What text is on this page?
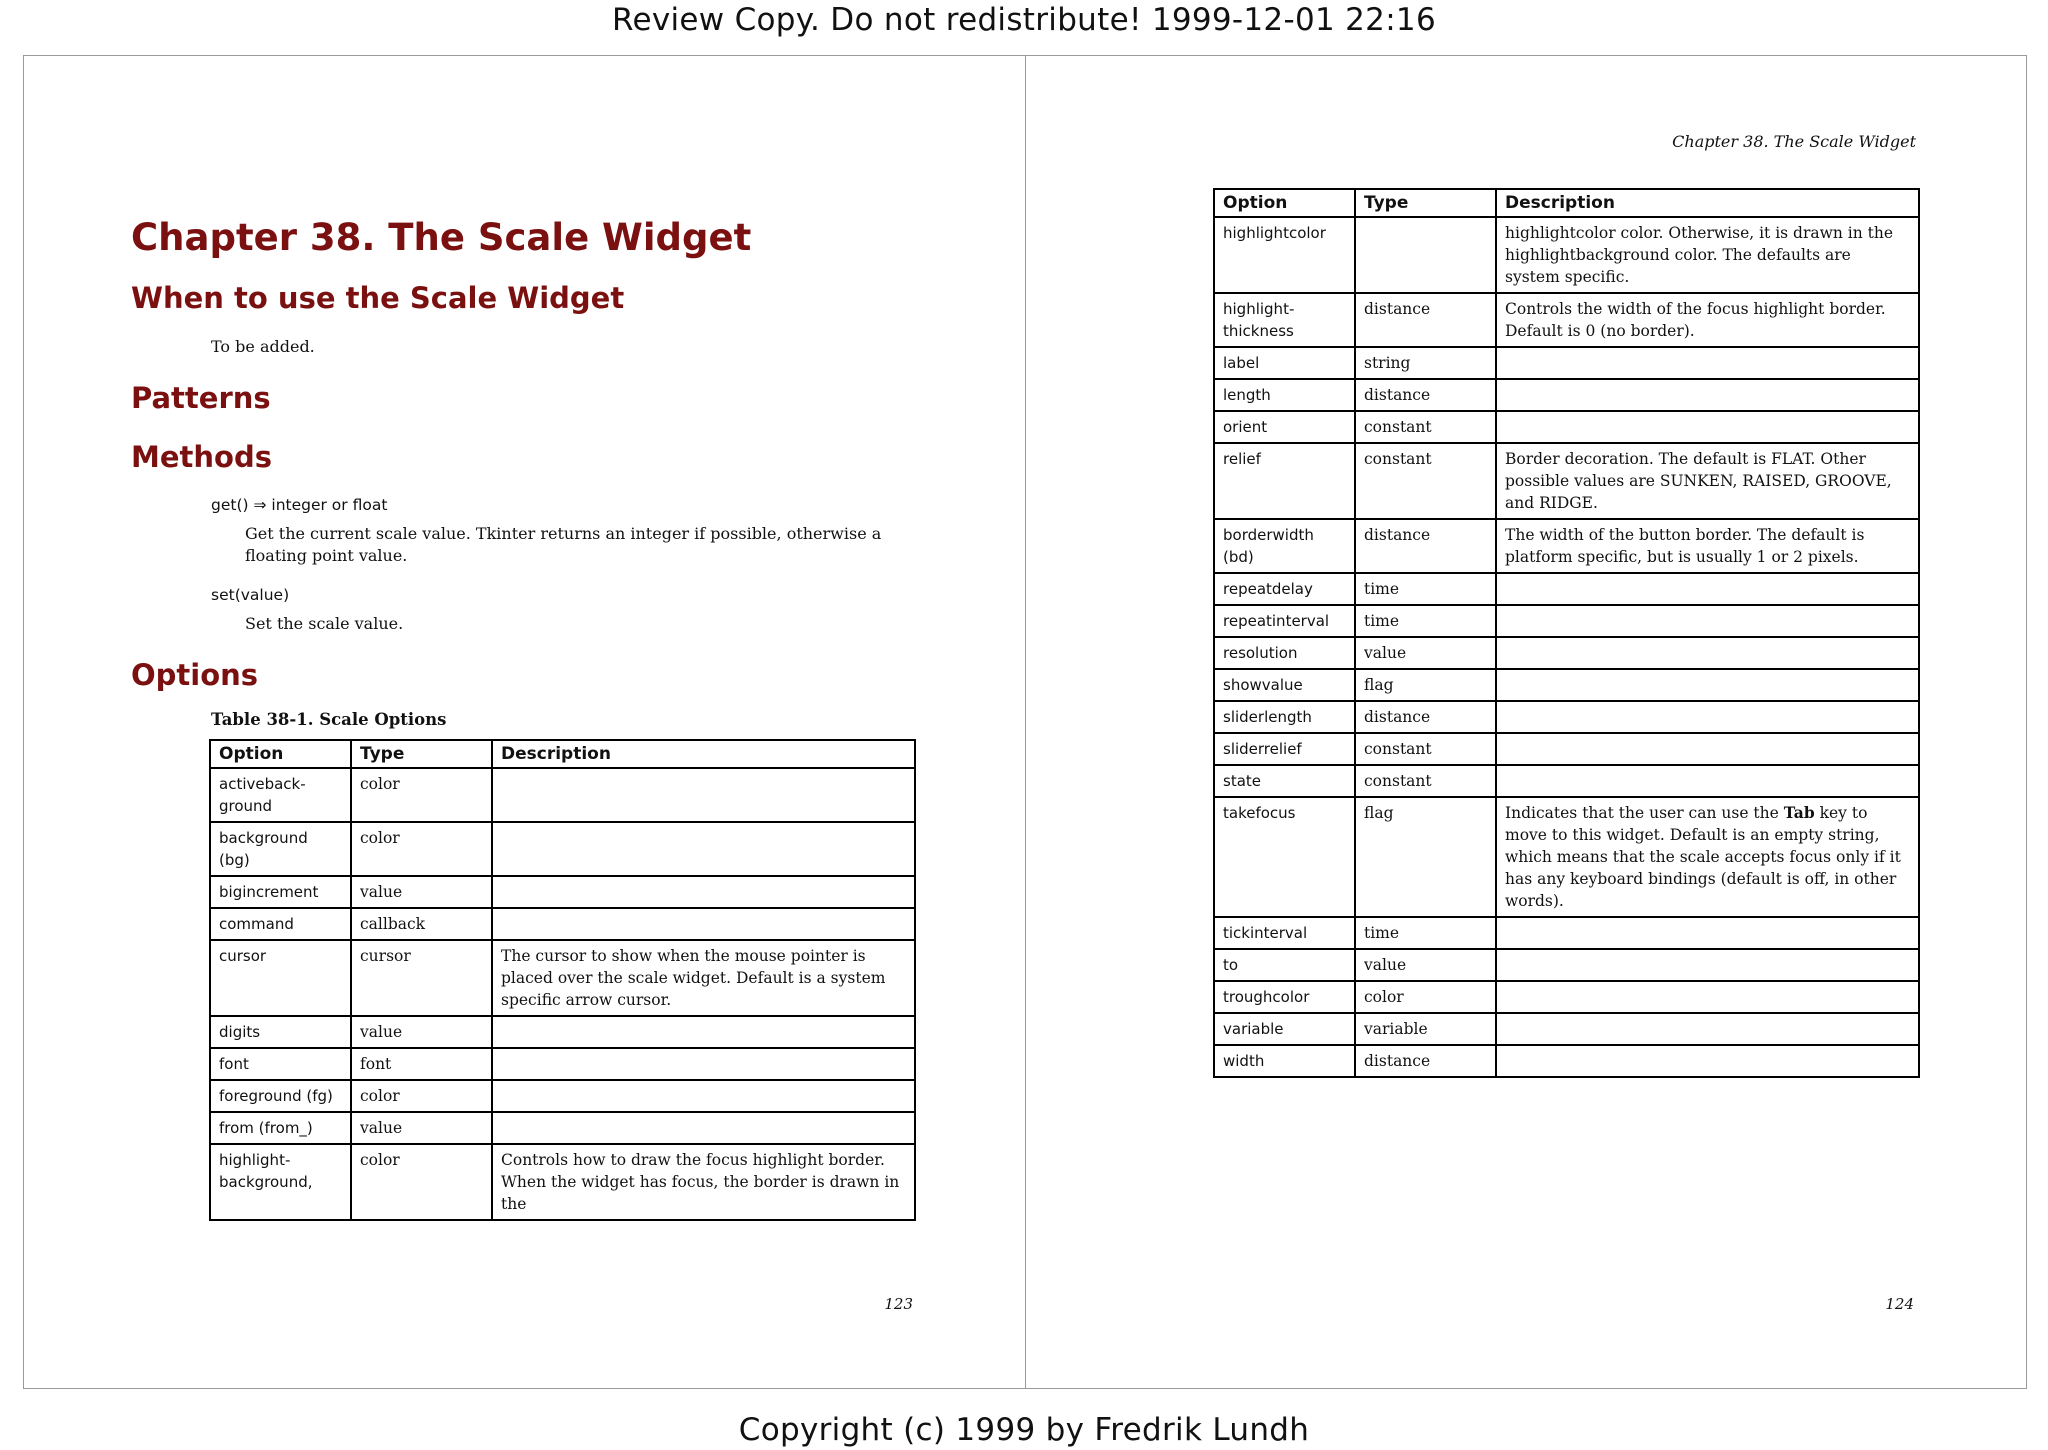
Review Copy. Do not redistribute! 1999-12-01 22:16
Chapter 38. The Scale Widget
When to use the Scale Widget
To be added.
Patterns
Methods
get() ⇒ integer or float
Get the current scale value. Tkinter returns an integer if possible, otherwise a floating point value.
set(value)
Set the scale value.
Options
Table 38-1. Scale Options
Option	Type	Description
activeback-
ground	color	
background
(bg)	color	
bigincrement	value	
command	callback	
cursor	cursor	The cursor to show when the mouse pointer is placed over the scale widget. Default is a system specific arrow cursor.
digits	value	
font	font	
foreground (fg)	color	
from (from_)	value	
highlight-
background,	color	Controls how to draw the focus highlight border. When the widget has focus, the border is drawn in the
123
Chapter 38. The Scale Widget
Option	Type	Description
highlightcolor		highlightcolor color. Otherwise, it is drawn in the highlightbackground color. The defaults are system specific.
highlight-
thickness	distance	Controls the width of the focus highlight border. Default is 0 (no border).
label	string	
length	distance	
orient	constant	
relief	constant	Border decoration. The default is FLAT. Other possible values are SUNKEN, RAISED, GROOVE, and RIDGE.
borderwidth
(bd)	distance	The width of the button border. The default is platform specific, but is usually 1 or 2 pixels.
repeatdelay	time	
repeatinterval	time	
resolution	value	
showvalue	flag	
sliderlength	distance	
sliderrelief	constant	
state	constant	
takefocus	flag	Indicates that the user can use the Tab key to move to this widget. Default is an empty string, which means that the scale accepts focus only if it has any keyboard bindings (default is off, in other words).
tickinterval	time	
to	value	
troughcolor	color	
variable	variable	
width	distance	
124
Copyright (c) 1999 by Fredrik Lundh
